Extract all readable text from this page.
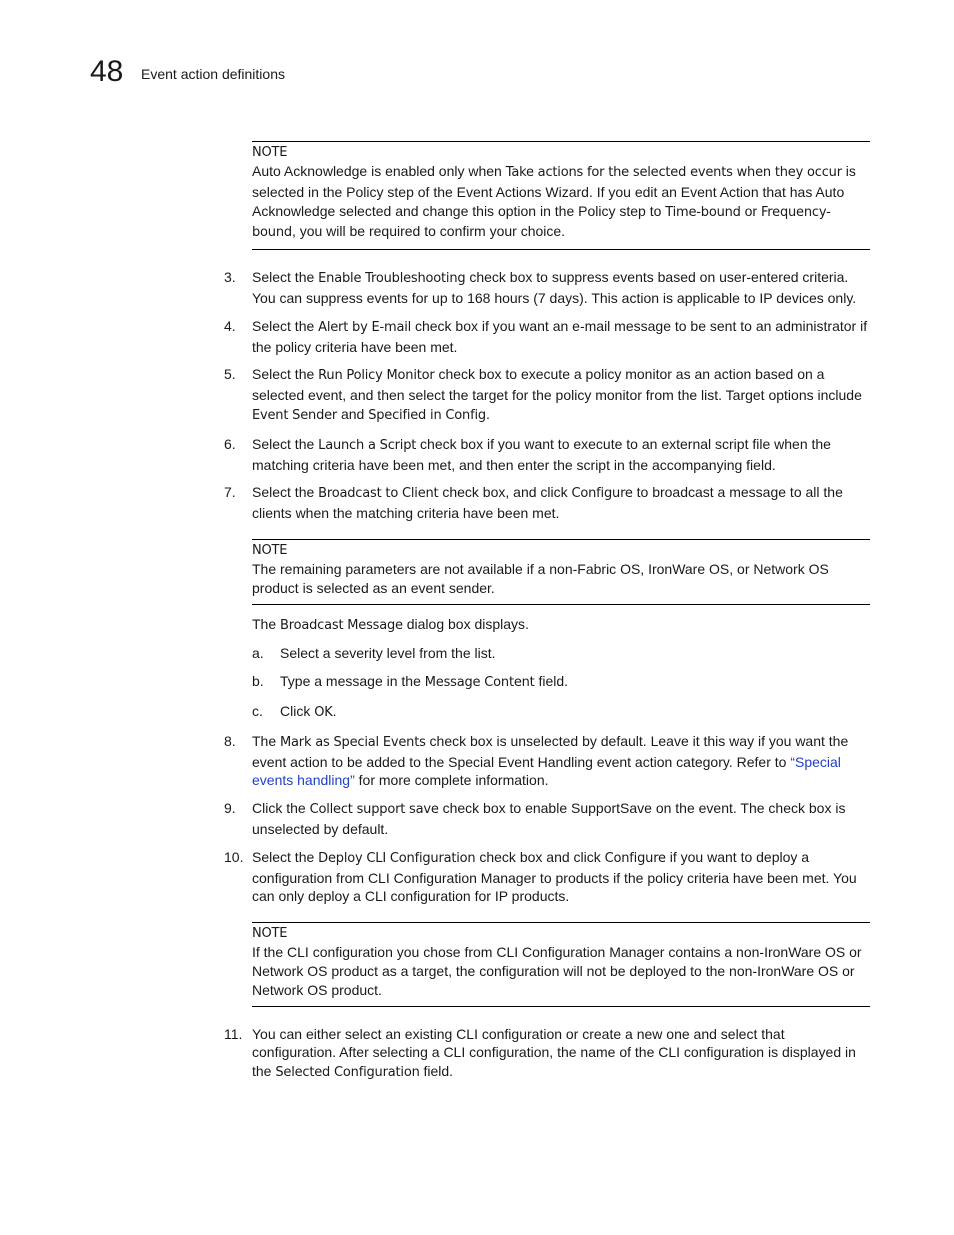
48 Event action definitions
NOTE

Auto Acknowledge is enabled only when Take actions for the selected events when they occur is selected in the Policy step of the Event Actions Wizard. If you edit an Event Action that has Auto Acknowledge selected and change this option in the Policy step to Time-bound or Frequency-bound, you will be required to confirm your choice.

3.	Select the Enable Troubleshooting check box to suppress events based on user-entered criteria. You can suppress events for up to 168 hours (7 days). This action is applicable to IP devices only.
4.	Select the Alert by E-mail check box if you want an e-mail message to be sent to an administrator if the policy criteria have been met.
5.	Select the Run Policy Monitor check box to execute a policy monitor as an action based on a selected event, and then select the target for the policy monitor from the list. Target options include Event Sender and Specified in Config.
6.	Select the Launch a Script check box if you want to execute to an external script file when the matching criteria have been met, and then enter the script in the accompanying field.
7.	Select the Broadcast to Client check box, and click Configure to broadcast a message to all the clients when the matching criteria have been met.
NOTE

The remaining parameters are not available if a non-Fabric OS, IronWare OS, or Network OS product is selected as an event sender.

The Broadcast Message dialog box displays.
a.	Select a severity level from the list.
b.	Type a message in the Message Content field.
c.	Click OK.
8.	The Mark as Special Events check box is unselected by default. Leave it this way if you want the event action to be added to the Special Event Handling event action category. Refer to “Special events handling” for more complete information.
9.	Click the Collect support save check box to enable SupportSave on the event. The check box is unselected by default.
10. Select the Deploy CLI Configuration check box and click Configure if you want to deploy a configuration from CLI Configuration Manager to products if the policy criteria have been met. You can only deploy a CLI configuration for IP products.
NOTE

If the CLI configuration you chose from CLI Configuration Manager contains a non-IronWare OS or Network OS product as a target, the configuration will not be deployed to the non-IronWare OS or Network OS product.

11. You can either select an existing CLI configuration or create a new one and select that configuration. After selecting a CLI configuration, the name of the CLI configuration is displayed in the Selected Configuration field.
